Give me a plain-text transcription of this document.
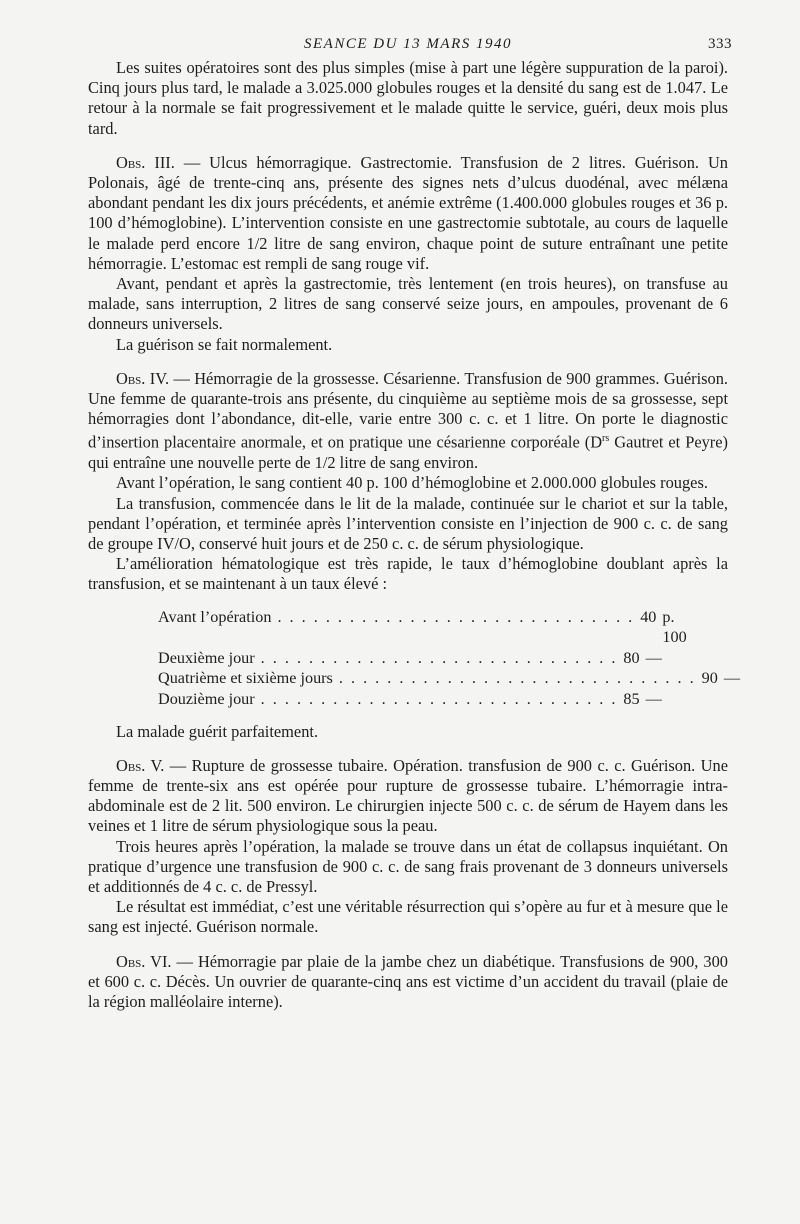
SEANCE DU 13 MARS 1940	333

Les suites opératoires sont des plus simples (mise à part une légère suppuration de la paroi). Cinq jours plus tard, le malade a 3.025.000 globules rouges et la densité du sang est de 1.047. Le retour à la normale se fait progressivement et le malade quitte le service, guéri, deux mois plus tard.

Obs. III. — Ulcus hémorragique. Gastrectomie. Transfusion de 2 litres. Guérison. Un Polonais, âgé de trente-cinq ans, présente des signes nets d’ulcus duodénal, avec mélæna abondant pendant les dix jours précédents, et anémie extrême (1.400.000 globules rouges et 36 p. 100 d’hémoglobine). L’intervention consiste en une gastrectomie subtotale, au cours de laquelle le malade perd encore 1/2 litre de sang environ, chaque point de suture entraînant une petite hémorragie. L’estomac est rempli de sang rouge vif.

Avant, pendant et après la gastrectomie, très lentement (en trois heures), on transfuse au malade, sans interruption, 2 litres de sang conservé seize jours, en ampoules, provenant de 6 donneurs universels.

La guérison se fait normalement.

Obs. IV. — Hémorragie de la grossesse. Césarienne. Transfusion de 900 grammes. Guérison. Une femme de quarante-trois ans présente, du cinquième au septième mois de sa grossesse, sept hémorragies dont l’abondance, dit-elle, varie entre 300 c. c. et 1 litre. On porte le diagnostic d’insertion placentaire anormale, et on pratique une césarienne corporéale ($D^{rs}$ Gautret et Peyre) qui entraîne une nouvelle perte de 1/2 litre de sang environ.

Avant l’opération, le sang contient 40 p. 100 d’hémoglobine et 2.000.000 globules rouges.

La transfusion, commencée dans le lit de la malade, continuée sur le chariot et sur la table, pendant l’opération, et terminée après l’intervention consiste en l’injection de 900 c. c. de sang de groupe IV/O, conservé huit jours et de 250 c. c. de sérum physiologique.

L’amélioration hématologique est très rapide, le taux d’hémoglobine doublant après la transfusion, et se maintenant à un taux élevé :

Avant l’opération . . . . . . . . . . . . . . . . . . . . . . . . . . . . . . 40 p. 100
Deuxième jour . . . . . . . . . . . . . . . . . . . . . . . . . . . . . . 80 —
Quatrième et sixième jours . . . . . . . . . . . . . . . . . . . . . . . . . . . . . . 90 —
Douzième jour . . . . . . . . . . . . . . . . . . . . . . . . . . . . . . 85 —

La malade guérit parfaitement.

Obs. V. — Rupture de grossesse tubaire. Opération. transfusion de 900 c. c. Guérison. Une femme de trente-six ans est opérée pour rupture de grossesse tubaire. L’hémorragie intra-abdominale est de 2 lit. 500 environ. Le chirurgien injecte 500 c. c. de sérum de Hayem dans les veines et 1 litre de sérum physiologique sous la peau.

Trois heures après l’opération, la malade se trouve dans un état de collapsus inquiétant. On pratique d’urgence une transfusion de 900 c. c. de sang frais provenant de 3 donneurs universels et additionnés de 4 c. c. de Pressyl.

Le résultat est immédiat, c’est une véritable résurrection qui s’opère au fur et à mesure que le sang est injecté. Guérison normale.

Obs. VI. — Hémorragie par plaie de la jambe chez un diabétique. Transfusions de 900, 300 et 600 c. c. Décès. Un ouvrier de quarante-cinq ans est victime d’un accident du travail (plaie de la région malléolaire interne).
